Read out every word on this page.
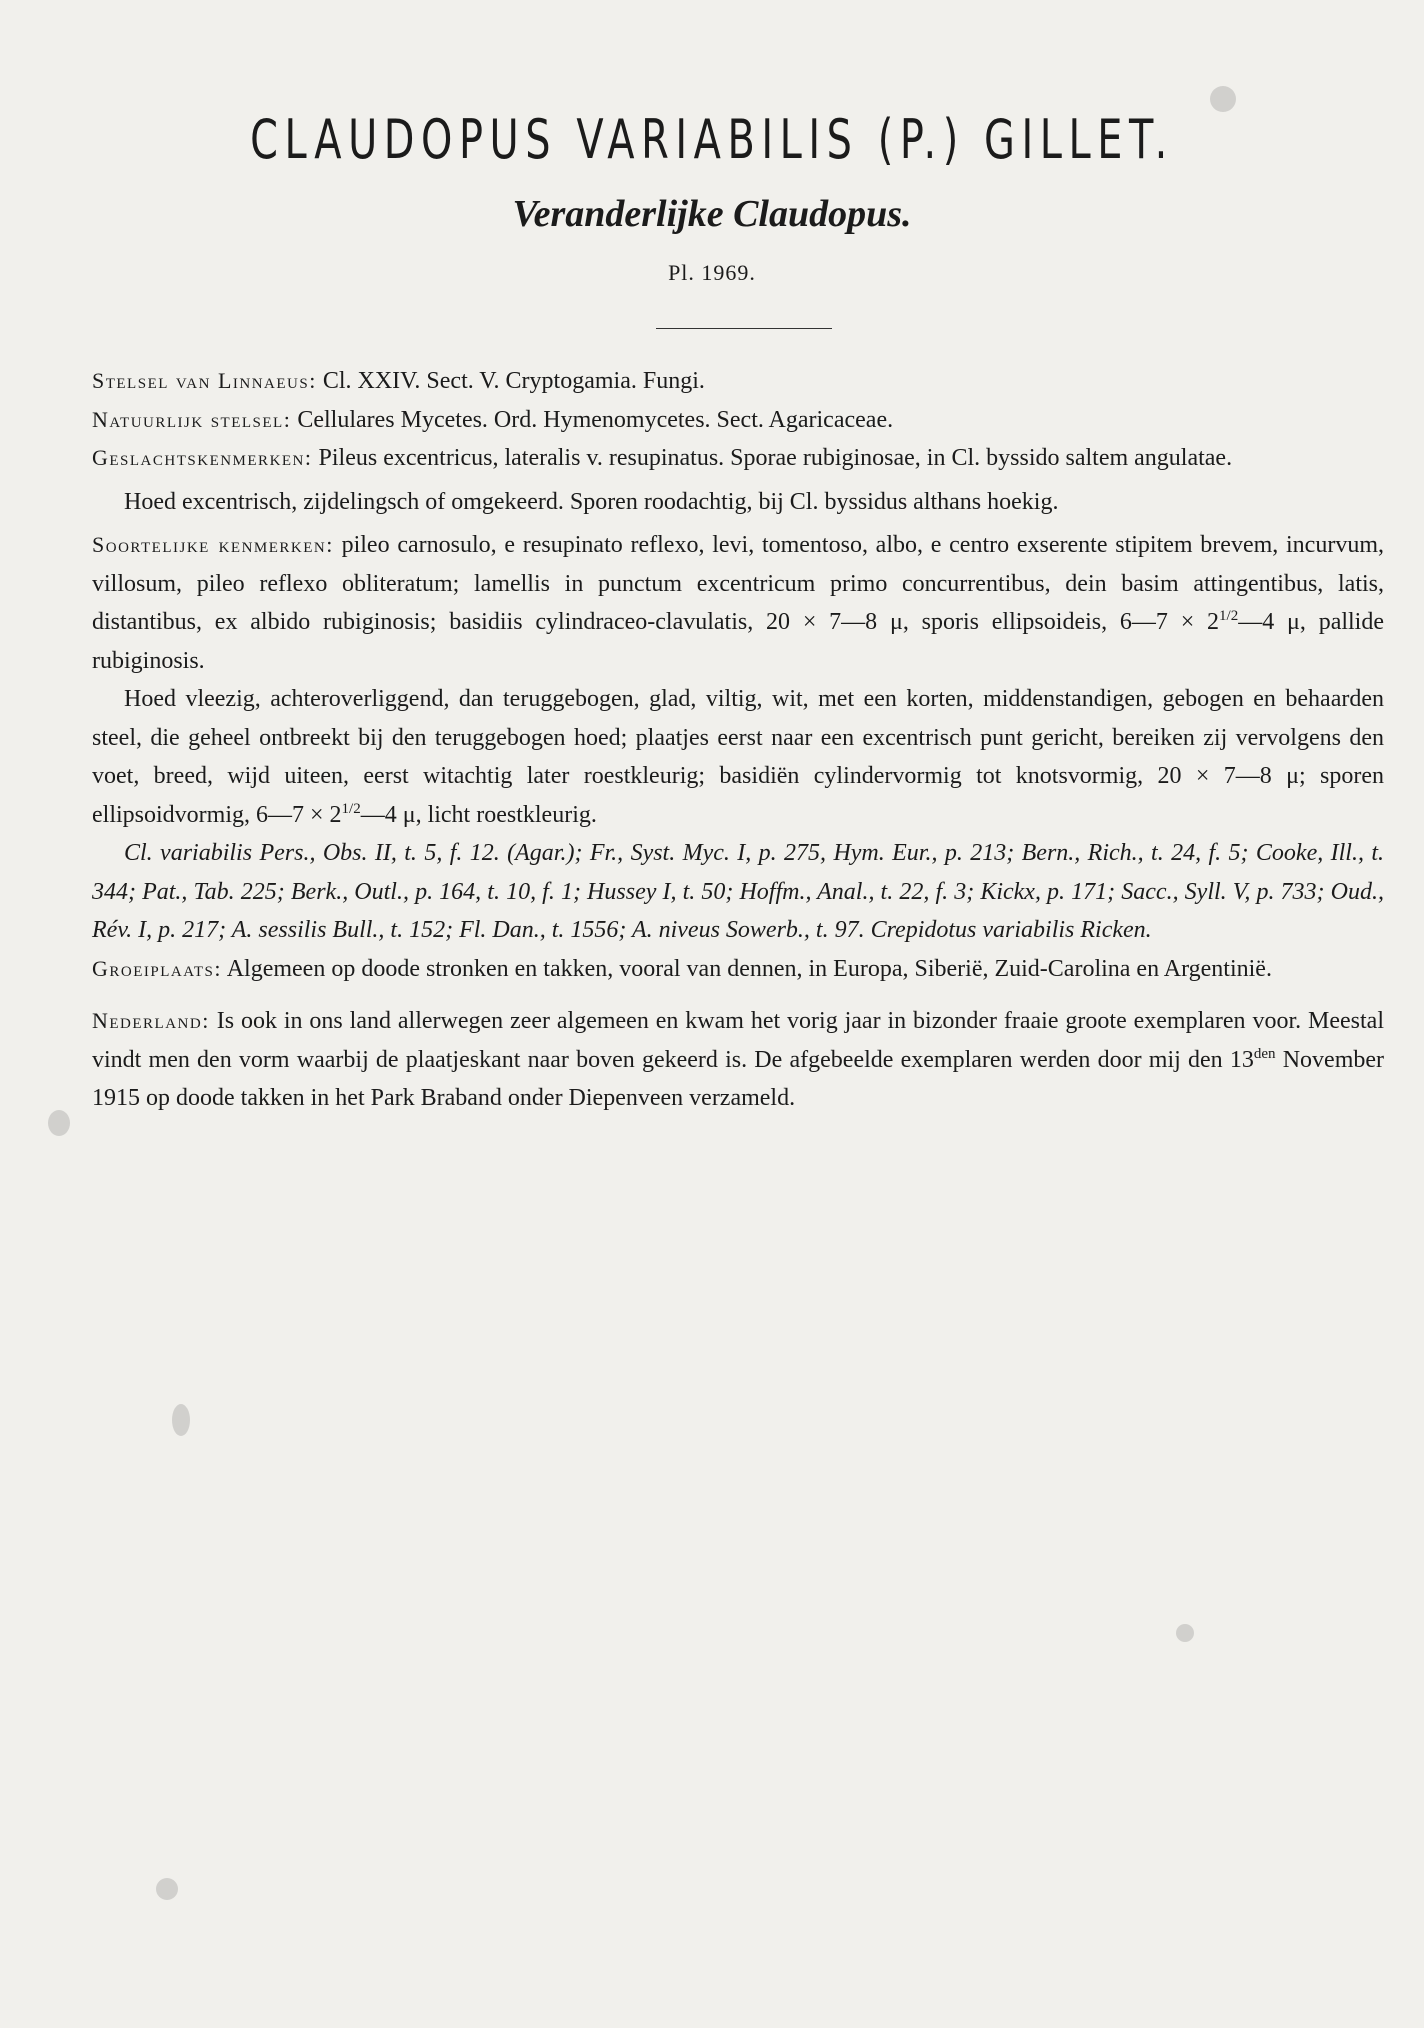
CLAUDOPUS VARIABILIS (P.) GILLET.
Veranderlijke Claudopus.
Pl. 1969.

Stelsel van Linnaeus: Cl. XXIV. Sect. V. Cryptogamia. Fungi.

Natuurlijk stelsel: Cellulares Mycetes. Ord. Hymenomycetes. Sect. Agaricaceae.

Geslachtskenmerken: Pileus excentricus, lateralis v. resupinatus. Sporae rubiginosae, in Cl. byssido saltem angulatae.

Hoed excentrisch, zijdelingsch of omgekeerd. Sporen roodachtig, bij Cl. byssidus althans hoekig.

Soortelijke kenmerken: pileo carnosulo, e resupinato reflexo, levi, tomentoso, albo, e centro exserente stipitem brevem, incurvum, villosum, pileo reflexo obliteratum; lamellis in punctum excentricum primo concurrentibus, dein basim attingentibus, latis, distantibus, ex albido rubiginosis; basidiis cylindraceo-clavulatis, 20 × 7—8 μ, sporis ellipsoideis, 6—7 × $2^{1/2}—4$ μ, pallide rubiginosis.

Hoed vleezig, achteroverliggend, dan teruggebogen, glad, viltig, wit, met een korten, middenstandigen, gebogen en behaarden steel, die geheel ontbreekt bij den teruggebogen hoed; plaatjes eerst naar een excentrisch punt gericht, bereiken zij vervolgens den voet, breed, wijd uiteen, eerst witachtig later roestkleurig; basidiën cylindervormig tot knotsvormig, 20 × 7—8 μ; sporen ellipsoidvormig, 6—7 × $2^{1/2}—4$ μ, licht roestkleurig.

Cl. variabilis Pers., Obs. II, t. 5, f. 12. (Agar.); Fr., Syst. Myc. I, p. 275, Hym. Eur., p. 213; Bern., Rich., t. 24, f. 5; Cooke, Ill., t. 344; Pat., Tab. 225; Berk., Outl., p. 164, t. 10, f. 1; Hussey I, t. 50; Hoffm., Anal., t. 22, f. 3; Kickx, p. 171; Sacc., Syll. V, p. 733; Oud., Rév. I, p. 217; A. sessilis Bull., t. 152; Fl. Dan., t. 1556; A. niveus Sowerb., t. 97. Crepidotus variabilis Ricken.

Groeiplaats: Algemeen op doode stronken en takken, vooral van dennen, in Europa, Siberië, Zuid-Carolina en Argentinië.

Nederland: Is ook in ons land allerwegen zeer algemeen en kwam het vorig jaar in bizonder fraaie groote exemplaren voor. Meestal vindt men den vorm waarbij de plaatjeskant naar boven gekeerd is. De afgebeelde exemplaren werden door mij den $13^{den}$ November 1915 op doode takken in het Park Braband onder Diepenveen verzameld.
